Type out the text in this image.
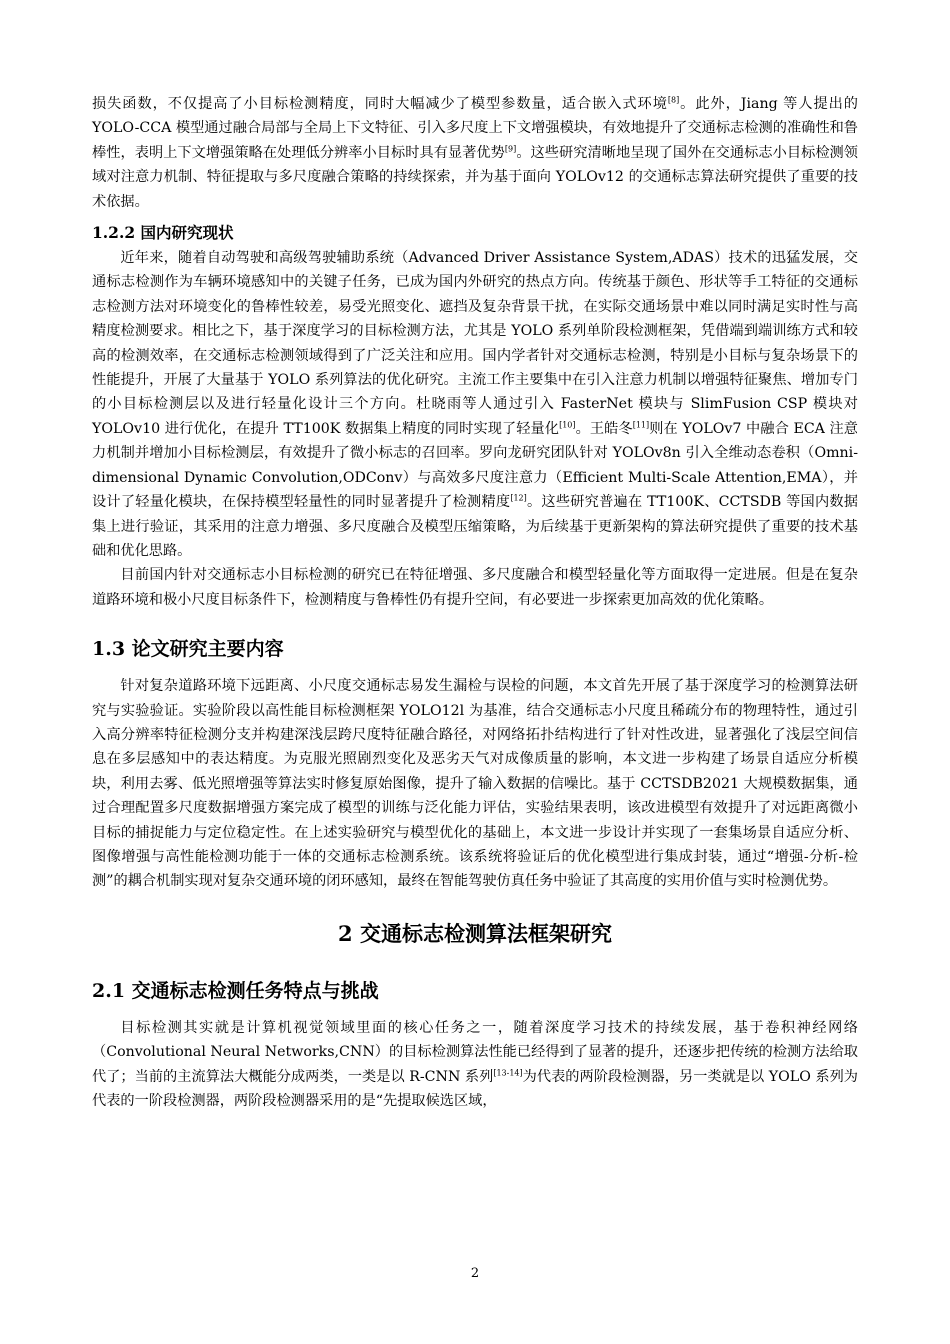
损失函数，不仅提高了小目标检测精度，同时大幅减少了模型参数量，适合嵌入式环境[8]。此外，Jiang 等人提出的 YOLO-CCA 模型通过融合局部与全局上下文特征、引入多尺度上下文增强模块，有效地提升了交通标志检测的准确性和鲁棒性，表明上下文增强策略在处理低分辨率小目标时具有显著优势[9]。这些研究清晰地呈现了国外在交通标志小目标检测领域对注意力机制、特征提取与多尺度融合策略的持续探索，并为基于面向 YOLOv12 的交通标志算法研究提供了重要的技术依据。

1.2.2 国内研究现状

近年来，随着自动驾驶和高级驾驶辅助系统（Advanced Driver Assistance System,ADAS）技术的迅猛发展，交通标志检测作为车辆环境感知中的关键子任务，已成为国内外研究的热点方向。传统基于颜色、形状等手工特征的交通标志检测方法对环境变化的鲁棒性较差，易受光照变化、遮挡及复杂背景干扰，在实际交通场景中难以同时满足实时性与高精度检测要求。相比之下，基于深度学习的目标检测方法，尤其是 YOLO 系列单阶段检测框架，凭借端到端训练方式和较高的检测效率，在交通标志检测领域得到了广泛关注和应用。国内学者针对交通标志检测，特别是小目标与复杂场景下的性能提升，开展了大量基于 YOLO 系列算法的优化研究。主流工作主要集中在引入注意力机制以增强特征聚焦、增加专门的小目标检测层以及进行轻量化设计三个方向。杜晓雨等人通过引入 FasterNet 模块与 SlimFusion CSP 模块对 YOLOv10 进行优化，在提升 TT100K 数据集上精度的同时实现了轻量化[10]。王皓冬[11]则在 YOLOv7 中融合 ECA 注意力机制并增加小目标检测层，有效提升了微小标志的召回率。罗向龙研究团队针对 YOLOv8n 引入全维动态卷积（Omni-dimensional Dynamic Convolution,ODConv）与高效多尺度注意力（Efficient Multi-Scale Attention,EMA），并设计了轻量化模块，在保持模型轻量性的同时显著提升了检测精度[12]。这些研究普遍在 TT100K、CCTSDB 等国内数据集上进行验证，其采用的注意力增强、多尺度融合及模型压缩策略，为后续基于更新架构的算法研究提供了重要的技术基础和优化思路。

目前国内针对交通标志小目标检测的研究已在特征增强、多尺度融合和模型轻量化等方面取得一定进展。但是在复杂道路环境和极小尺度目标条件下，检测精度与鲁棒性仍有提升空间，有必要进一步探索更加高效的优化策略。

1.3 论文研究主要内容

针对复杂道路环境下远距离、小尺度交通标志易发生漏检与误检的问题，本文首先开展了基于深度学习的检测算法研究与实验验证。实验阶段以高性能目标检测框架 YOLO12l 为基准，结合交通标志小尺度且稀疏分布的物理特性，通过引入高分辨率特征检测分支并构建深浅层跨尺度特征融合路径，对网络拓扑结构进行了针对性改进，显著强化了浅层空间信息在多层感知中的表达精度。为克服光照剧烈变化及恶劣天气对成像质量的影响，本文进一步构建了场景自适应分析模块，利用去雾、低光照增强等算法实时修复原始图像，提升了输入数据的信噪比。基于 CCTSDB2021 大规模数据集，通过合理配置多尺度数据增强方案完成了模型的训练与泛化能力评估，实验结果表明，该改进模型有效提升了对远距离微小目标的捕捉能力与定位稳定性。在上述实验研究与模型优化的基础上，本文进一步设计并实现了一套集场景自适应分析、图像增强与高性能检测功能于一体的交通标志检测系统。该系统将验证后的优化模型进行集成封装，通过“增强-分析-检测”的耦合机制实现对复杂交通环境的闭环感知，最终在智能驾驶仿真任务中验证了其高度的实用价值与实时检测优势。

2 交通标志检测算法框架研究
2.1 交通标志检测任务特点与挑战

目标检测其实就是计算机视觉领域里面的核心任务之一，随着深度学习技术的持续发展，基于卷积神经网络（Convolutional Neural Networks,CNN）的目标检测算法性能已经得到了显著的提升，还逐步把传统的检测方法给取代了；当前的主流算法大概能分成两类，一类是以 R-CNN 系列[13-14]为代表的两阶段检测器，另一类就是以 YOLO 系列为代表的一阶段检测器，两阶段检测器采用的是“先提取候选区域，

2
